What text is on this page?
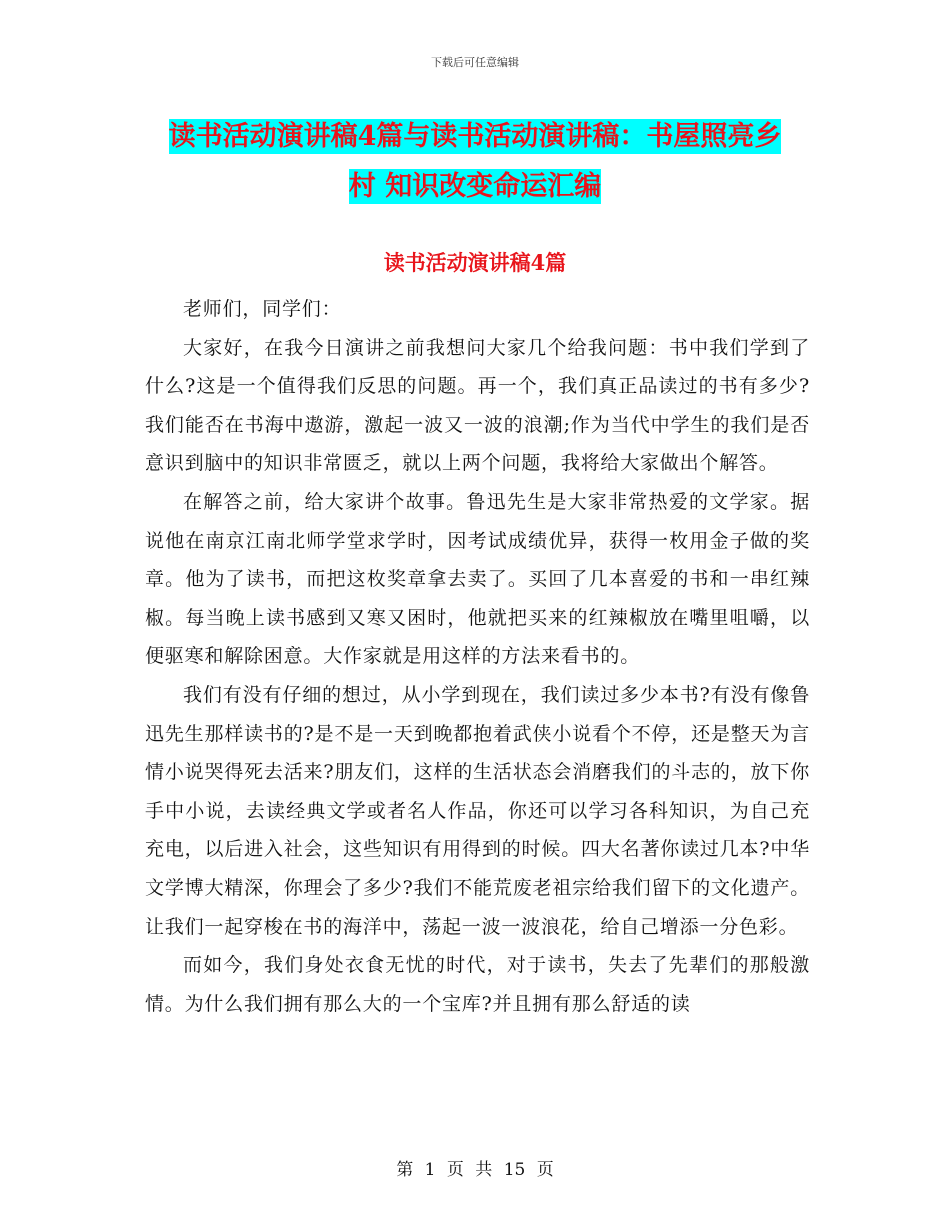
下载后可任意编辑
读书活动演讲稿4篇与读书活动演讲稿：书屋照亮乡
村 知识改变命运汇编
读书活动演讲稿4篇

老师们，同学们：

大家好，在我今日演讲之前我想问大家几个给我问题：书中我们学到了什么?这是一个值得我们反思的问题。再一个，我们真正品读过的书有多少?我们能否在书海中遨游，激起一波又一波的浪潮;作为当代中学生的我们是否意识到脑中的知识非常匮乏，就以上两个问题，我将给大家做出个解答。

在解答之前，给大家讲个故事。鲁迅先生是大家非常热爱的文学家。据说他在南京江南北师学堂求学时，因考试成绩优异，获得一枚用金子做的奖章。他为了读书，而把这枚奖章拿去卖了。买回了几本喜爱的书和一串红辣椒。每当晚上读书感到又寒又困时，他就把买来的红辣椒放在嘴里咀嚼，以便驱寒和解除困意。大作家就是用这样的方法来看书的。

我们有没有仔细的想过，从小学到现在，我们读过多少本书?有没有像鲁迅先生那样读书的?是不是一天到晚都抱着武侠小说看个不停，还是整天为言情小说哭得死去活来?朋友们，这样的生活状态会消磨我们的斗志的，放下你手中小说，去读经典文学或者名人作品，你还可以学习各科知识，为自己充充电，以后进入社会，这些知识有用得到的时候。四大名著你读过几本?中华文学博大精深，你理会了多少?我们不能荒废老祖宗给我们留下的文化遗产。让我们一起穿梭在书的海洋中，荡起一波一波浪花，给自己增添一分色彩。

而如今，我们身处衣食无忧的时代，对于读书，失去了先辈们的那般激情。为什么我们拥有那么大的一个宝库?并且拥有那么舒适的读

第 1 页 共 15 页
